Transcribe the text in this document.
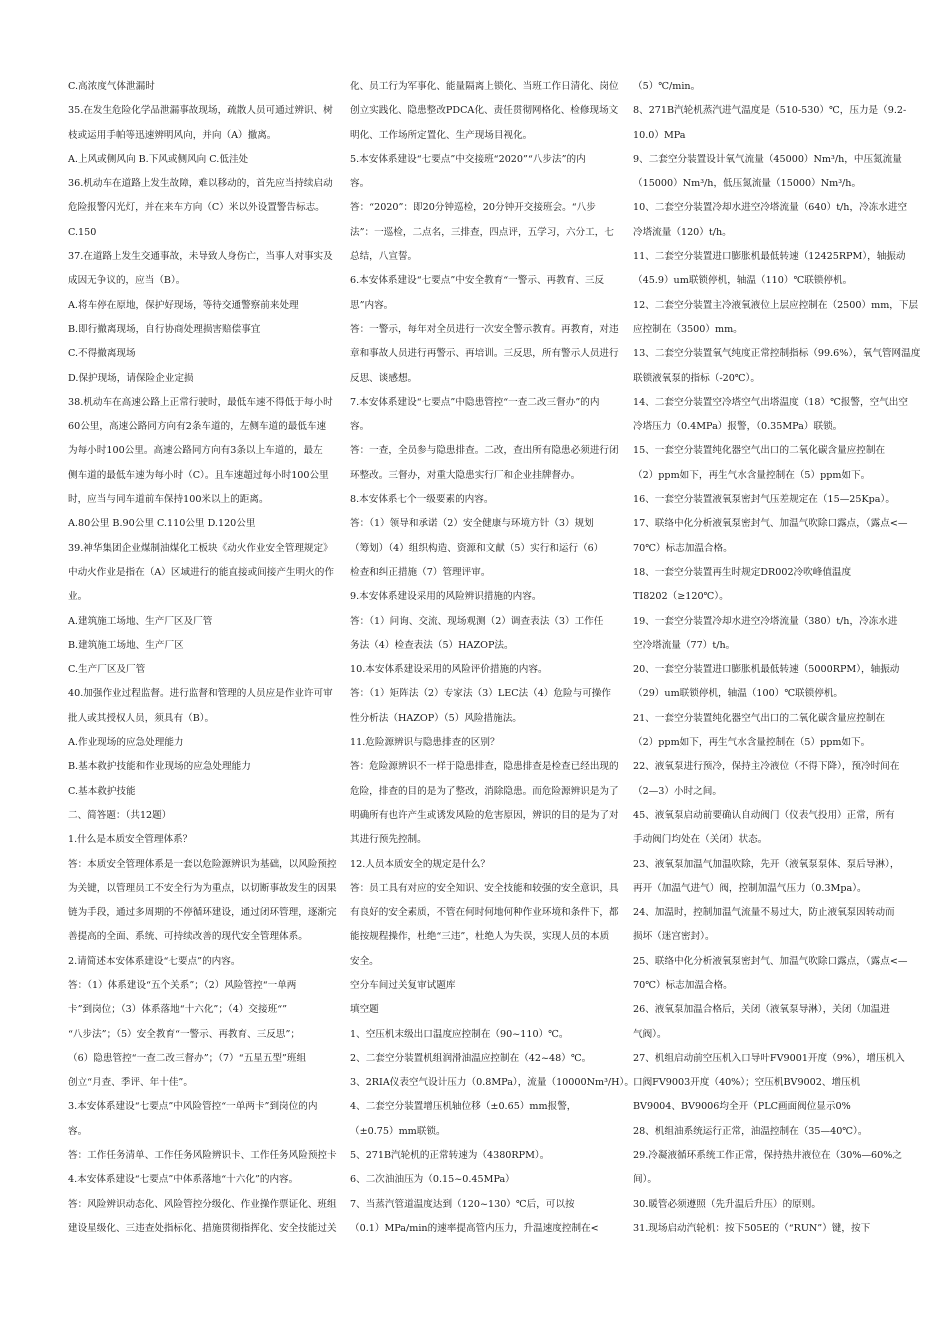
C.高浓度气体泄漏时

35.在发生危险化学品泄漏事故现场，疏散人员可通过辨识、树

枝或运用手帕等迅速辨明风向，并向（A）撤离。

A.上风或侧风向 B.下风或侧风向 C.低洼处

36.机动车在道路上发生故障，难以移动的，首先应当持续启动

危险报警闪光灯，并在来车方向（C）米以外设置警告标志。

C.150

37.在道路上发生交通事故，未导致人身伤亡，当事人对事实及

成因无争议的，应当（B）。

A.将车停在原地，保护好现场，等待交通警察前来处理

B.即行撤离现场，自行协商处理损害赔偿事宜

C.不得撤离现场

D.保护现场，请保险企业定损

38.机动车在高速公路上正常行驶时，最低车速不得低于每小时

60公里，高速公路同方向有2条车道的，左侧车道的最低车速

为每小时100公里。高速公路同方向有3条以上车道的，最左

侧车道的最低车速为每小时（C）。且车速超过每小时100公里

时，应当与同车道前车保持100米以上的距离。

A.80公里 B.90公里 C.110公里 D.120公里

39.神华集团企业煤制油煤化工板块《动火作业安全管理规定》

中动火作业是指在（A）区域进行的能直接或间接产生明火的作

业。

A.建筑施工场地、生产厂区及厂管

B.建筑施工场地、生产厂区

C.生产厂区及厂管

40.加强作业过程监督。进行监督和管理的人员应是作业许可审

批人或其授权人员，须具有（B）。

A.作业现场的应急处理能力

B.基本救护技能和作业现场的应急处理能力

C.基本救护技能

二、简答题：（共12题）

1.什么是本质安全管理体系？

答：本质安全管理体系是一套以危险源辨识为基础，以风险预控

为关键，以管理员工不安全行为为重点，以切断事故发生的因果

链为手段，通过多周期的不停循环建设，通过闭环管理，逐渐完

善提高的全面、系统、可持续改善的现代安全管理体系。

2.请简述本安体系建设“七要点”的内容。

答：（1）体系建设“五个关系”；（2）风险管控“一单两

卡”到岗位；（3）体系落地“十六化”；（4）交接班“”

“八步法”；（5）安全教育“一警示、再教育、三反思”；

（6）隐患管控“一查二改三督办”；（7）“五星五型”班组

创立“月查、季评、年十佳”。

3.本安体系建设“七要点”中风险管控“一单两卡”到岗位的内

容。

答：工作任务清单、工作任务风险辨识卡、工作任务风险预控卡

4.本安体系建设“七要点”中体系落地“十六化”的内容。

答：风险辨识动态化、风险管控分级化、作业操作票证化、班组

建设星级化、三违查处指标化、措施贯彻指挥化、安全技能过关

化、员工行为军事化、能量隔离上锁化、当班工作日清化、岗位

创立实践化、隐患整改PDCA化、责任贯彻网格化、检修现场文

明化、工作场所定置化、生产现场目视化。

5.本安体系建设“七要点”中交接班“2020”“八步法”的内

容。

答：“2020”：即20分钟巡检，20分钟开交接班会。“八步

法”：一巡检，二点名，三排查，四点评，五学习，六分工，七

总结，八宣誓。

6.本安体系建设“七要点”中安全教育“一警示、再教育、三反

思”内容。

答：一警示，每年对全员进行一次安全警示教育。再教育，对违

章和事故人员进行再警示、再培训。三反思，所有警示人员进行

反思、谈感想。

7.本安体系建设“七要点”中隐患管控“一查二改三督办”的内

容。

答：一查，全员参与隐患排查。二改，查出所有隐患必须进行闭

环整改。三督办，对重大隐患实行厂和企业挂牌督办。

8.本安体系七个一级要素的内容。

答：（1）领导和承诺（2）安全健康与环境方针（3）规划

（筹划）（4）组织构造、资源和文献（5）实行和运行（6）

检查和纠正措施（7）管理评审。

9.本安体系建设采用的风险辨识措施的内容。

答：（1）问询、交流、现场观测（2）调查表法（3）工作任

务法（4）检查表法（5）HAZOP法。

10.本安体系建设采用的风险评价措施的内容。

答：（1）矩阵法（2）专家法（3）LEC法（4）危险与可操作

性分析法（HAZOP）（5）风险措施法。

11.危险源辨识与隐患排查的区别？

答：危险源辨识不一样于隐患排查，隐患排查是检查已经出现的

危险，排查的目的是为了整改，消除隐患。而危险源辨识是为了

明确所有也许产生或诱发风险的危害原因，辨识的目的是为了对

其进行预先控制。

12.人员本质安全的规定是什么？

答：员工具有对应的安全知识、安全技能和较强的安全意识，具

有良好的安全素质，不管在何时何地何种作业环境和条件下，都

能按规程操作，杜绝“三违”，杜绝人为失误，实现人员的本质

安全。

空分车间过关复审试题库

填空题

1、空压机末级出口温度应控制在（90~110）℃。

2、二套空分装置机组润滑油温应控制在（42~48）℃。

3、2RIA仪表空气设计压力（0.8MPa），流量（10000Nm³/H）。

4、二套空分装置增压机轴位移（±0.65）mm报警，

（±0.75）mm联锁。

5、271B汽轮机的正常转速为（4380RPM）。

6、二次油油压为（0.15~0.45MPa）

7、当蒸汽管道温度达到（120~130）℃后，可以按

（0.1）MPa/min的速率提高管内压力，升温速度控制在<

（5）℃/min。

8、271B汽轮机蒸汽进气温度是（510-530）℃，压力是（9.2-

10.0）MPa

9、二套空分装置设计氧气流量（45000）Nm³/h，中压氮流量

（15000）Nm³/h，低压氮流量（15000）Nm³/h。

10、二套空分装置冷却水进空冷塔流量（640）t/h，冷冻水进空

冷塔流量（120）t/h。

11、二套空分装置进口膨胀机最低转速（12425RPM），轴振动

（45.9）um联锁停机，轴温（110）℃联锁停机。

12、二套空分装置主冷液氧液位上层应控制在（2500）mm，下层

应控制在（3500）mm。

13、二套空分装置氧气纯度正常控制指标（99.6%），氧气管网温度

联锁液氧泵的指标（-20℃）。

14、二套空分装置空冷塔空气出塔温度（18）℃报警，空气出空

冷塔压力（0.4MPa）报警，（0.35MPa）联锁。

15、一套空分装置纯化器空气出口的二氧化碳含量应控制在

（2）ppm如下，再生气水含量控制在（5）ppm如下。

16、一套空分装置液氧泵密封气压差规定在（15—25Kpa）。

17、联络中化分析液氧泵密封气、加温气吹除口露点，（露点<—

70℃）标志加温合格。

18、一套空分装置再生时规定DR002冷吹峰值温度

TI8202（≥120℃）。

19、一套空分装置冷却水进空冷塔流量（380）t/h，冷冻水进

空冷塔流量（77）t/h。

20、一套空分装置进口膨胀机最低转速（5000RPM），轴振动

（29）um联锁停机，轴温（100）℃联锁停机。

21、一套空分装置纯化器空气出口的二氧化碳含量应控制在

（2）ppm如下，再生气水含量控制在（5）ppm如下。

22、液氧泵进行预冷，保持主冷液位（不得下降），预冷时间在

（2—3）小时之间。

45、液氧泵启动前要确认自动阀门（仪表气投用）正常，所有

手动阀门均处在（关闭）状态。

23、液氧泵加温气加温吹除，先开（液氧泵泵体、泵后导淋），

再开（加温气进气）阀，控制加温气压力（0.3Mpa）。

24、加温时，控制加温气流量不易过大，防止液氧泵因转动而

损坏（迷宫密封）。

25、联络中化分析液氧泵密封气、加温气吹除口露点，（露点<—

70℃）标志加温合格。

26、液氧泵加温合格后，关闭（液氧泵导淋），关闭（加温进

气阀）。

27、机组启动前空压机入口导叶FV9001开度（9%），增压机入

口阀FV9003开度（40%）；空压机BV9002、增压机

BV9004、BV9006均全开（PLC画面阀位显示0%

28、机组油系统运行正常，油温控制在（35—40℃）。

29.冷凝液循环系统工作正常，保持热井液位在（30%—60%之

间）。

30.暖管必须遵照（先升温后升压）的原则。

31.现场启动汽轮机：按下505E的（“RUN”）键，按下
